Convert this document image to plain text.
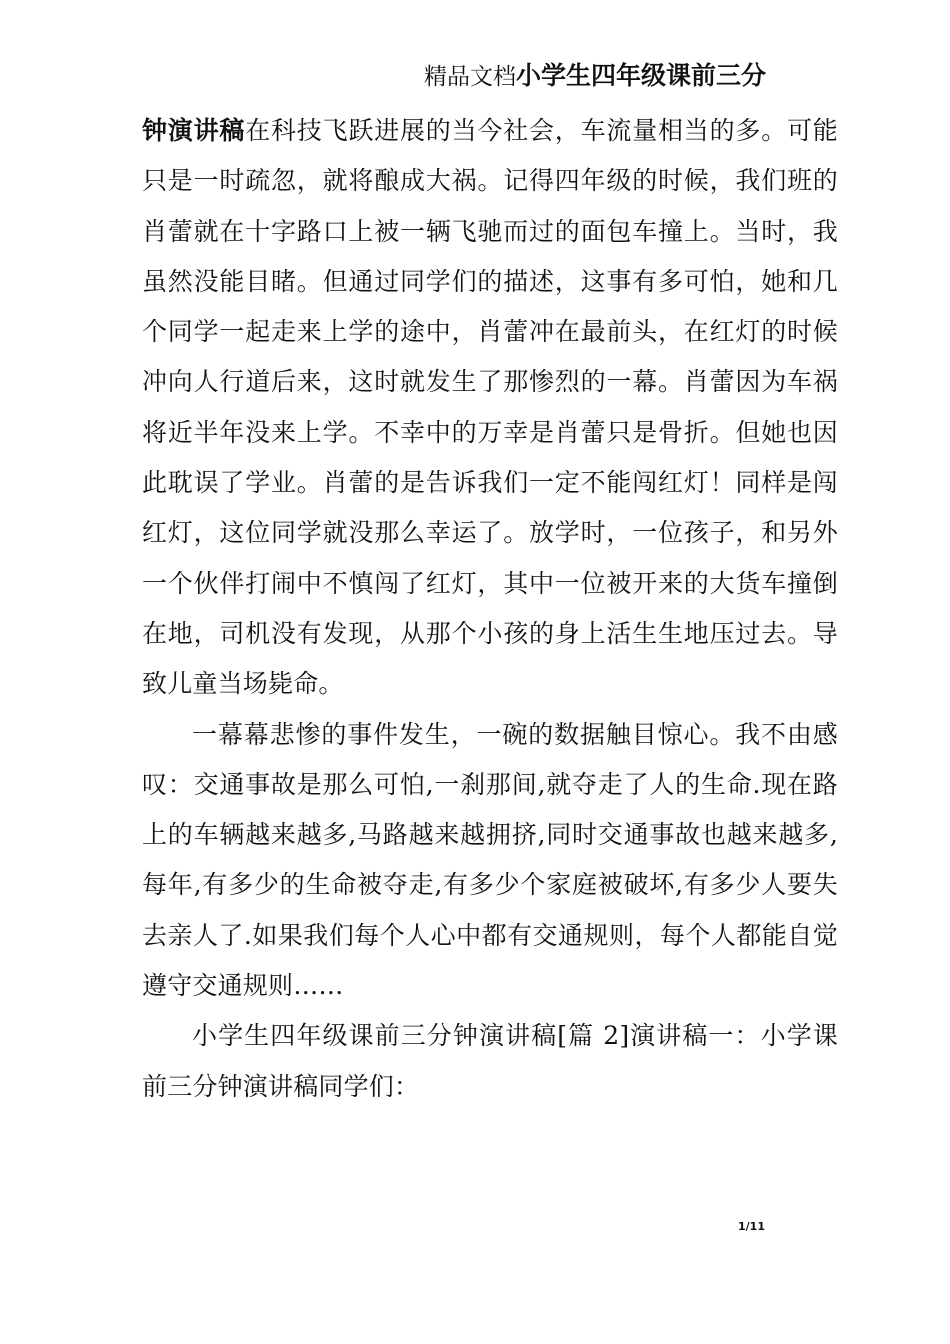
精品文档小学生四年级课前三分

钟演讲稿在科技飞跃进展的当今社会，车流量相当的多。可能只是一时疏忽，就将酿成大祸。记得四年级的时候，我们班的肖蕾就在十字路口上被一辆飞驰而过的面包车撞上。当时，我虽然没能目睹。但通过同学们的描述，这事有多可怕，她和几个同学一起走来上学的途中，肖蕾冲在最前头，在红灯的时候冲向人行道后来，这时就发生了那惨烈的一幕。肖蕾因为车祸将近半年没来上学。不幸中的万幸是肖蕾只是骨折。但她也因此耽误了学业。肖蕾的是告诉我们一定不能闯红灯！同样是闯红灯，这位同学就没那么幸运了。放学时，一位孩子，和另外一个伙伴打闹中不慎闯了红灯，其中一位被开来的大货车撞倒在地，司机没有发现，从那个小孩的身上活生生地压过去。导致儿童当场毙命。

一幕幕悲惨的事件发生，一碗的数据触目惊心。我不由感叹：交通事故是那么可怕,一刹那间,就夺走了人的生命.现在路上的车辆越来越多,马路越来越拥挤,同时交通事故也越来越多,每年,有多少的生命被夺走,有多少个家庭被破坏,有多少人要失去亲人了.如果我们每个人心中都有交通规则，每个人都能自觉遵守交通规则……

小学生四年级课前三分钟演讲稿[篇 2]演讲稿一：小学课前三分钟演讲稿同学们：

1/11
